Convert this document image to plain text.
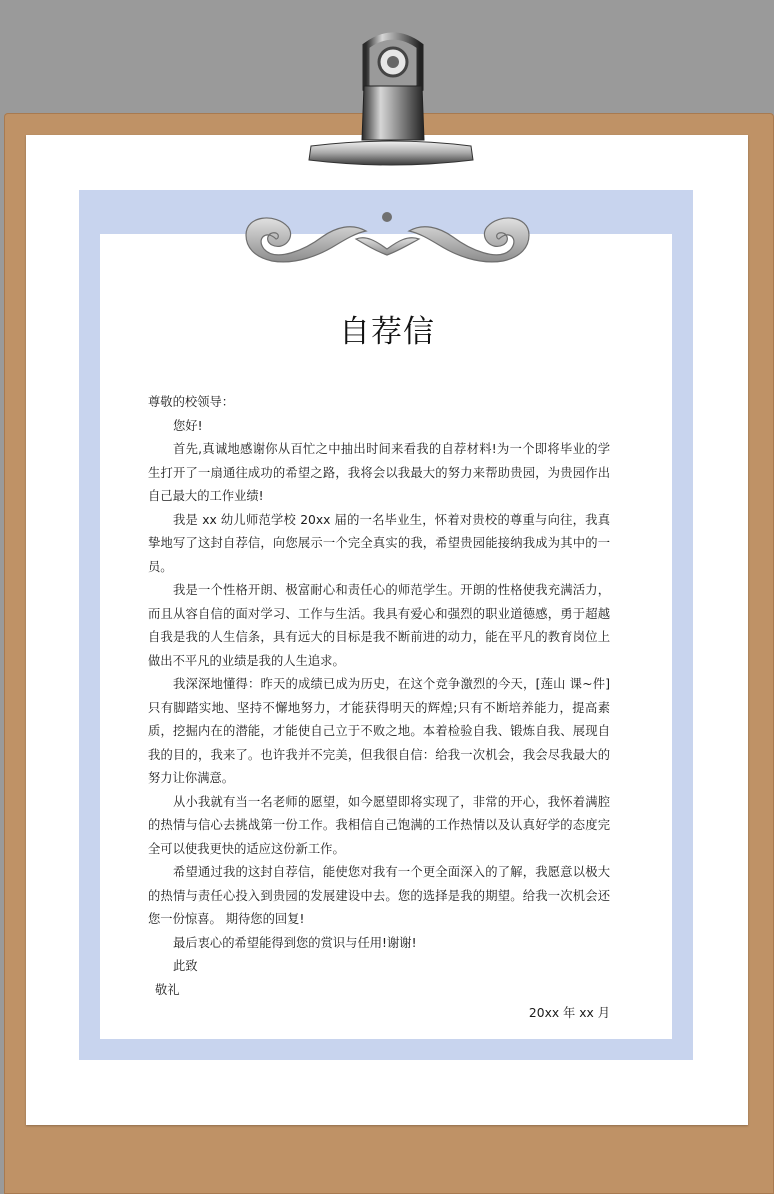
自荐信

尊敬的校领导：

您好!

首先,真诚地感谢你从百忙之中抽出时间来看我的自荐材料!为一个即将毕业的学生打开了一扇通往成功的希望之路，我将会以我最大的努力来帮助贵园，为贵园作出自己最大的工作业绩!

我是 xx 幼儿师范学校 20xx 届的一名毕业生，怀着对贵校的尊重与向往，我真挚地写了这封自荐信，向您展示一个完全真实的我，希望贵园能接纳我成为其中的一员。

我是一个性格开朗、极富耐心和责任心的师范学生。开朗的性格使我充满活力，而且从容自信的面对学习、工作与生活。我具有爱心和强烈的职业道德感，勇于超越自我是我的人生信条，具有远大的目标是我不断前进的动力，能在平凡的教育岗位上做出不平凡的业绩是我的人生追求。

我深深地懂得：昨天的成绩已成为历史，在这个竞争激烈的今天，[莲山 课~件]只有脚踏实地、坚持不懈地努力，才能获得明天的辉煌;只有不断培养能力，提高素质，挖掘内在的潜能，才能使自己立于不败之地。本着检验自我、锻炼自我、展现自我的目的，我来了。也许我并不完美，但我很自信：给我一次机会，我会尽我最大的努力让你满意。

从小我就有当一名老师的愿望，如今愿望即将实现了，非常的开心，我怀着满腔的热情与信心去挑战第一份工作。我相信自己饱满的工作热情以及认真好学的态度完全可以使我更快的适应这份新工作。

希望通过我的这封自荐信，能使您对我有一个更全面深入的了解，我愿意以极大的热情与责任心投入到贵园的发展建设中去。您的选择是我的期望。给我一次机会还您一份惊喜。 期待您的回复!

最后衷心的希望能得到您的赏识与任用!谢谢!

此致

敬礼

20xx 年 xx 月
